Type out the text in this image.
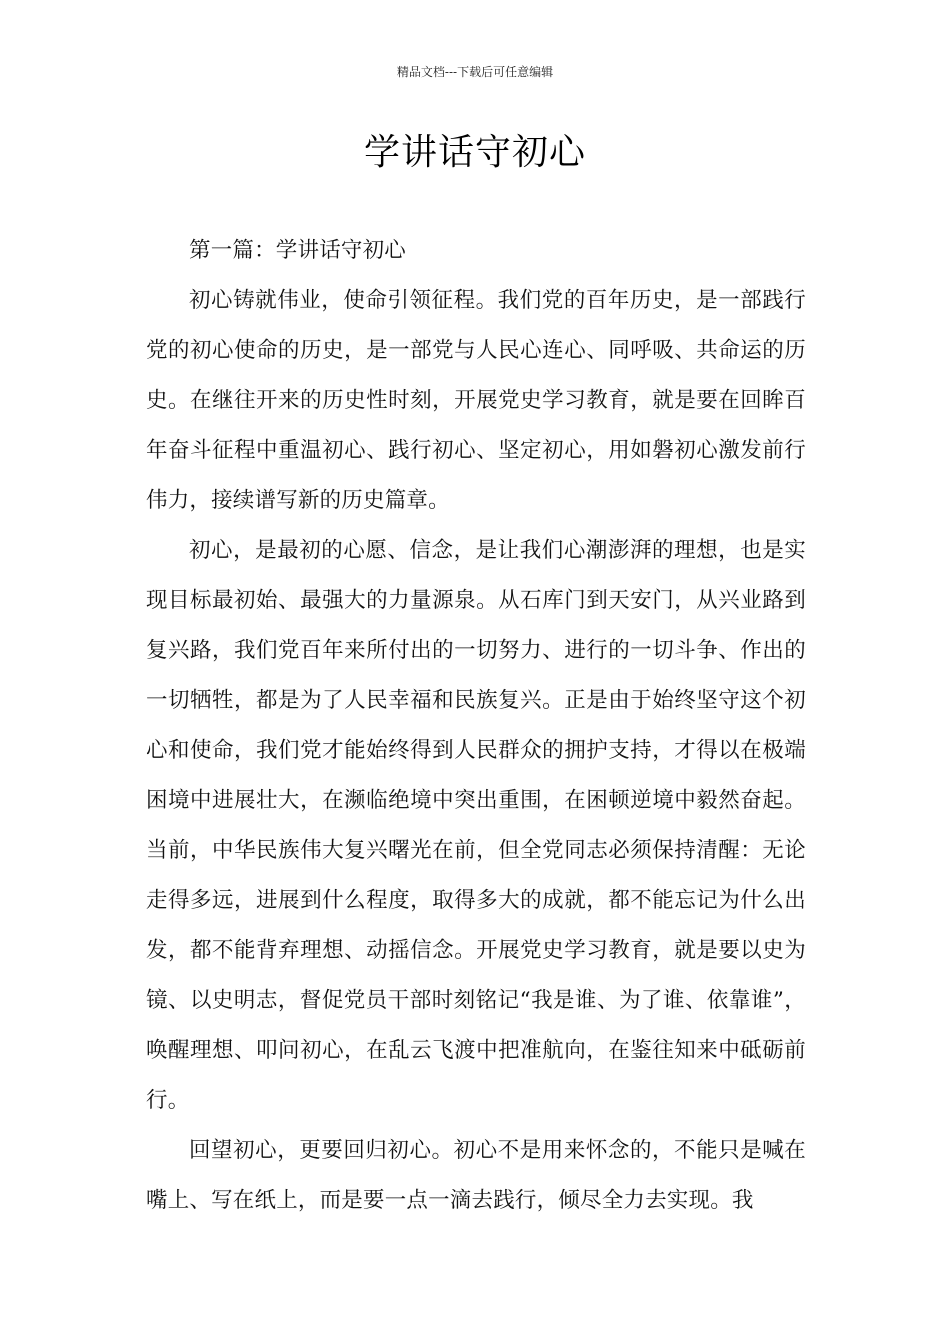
精品文档---下载后可任意编辑
学讲话守初心

第一篇：学讲话守初心

初心铸就伟业，使命引领征程。我们党的百年历史，是一部践行党的初心使命的历史，是一部党与人民心连心、同呼吸、共命运的历史。在继往开来的历史性时刻，开展党史学习教育，就是要在回眸百年奋斗征程中重温初心、践行初心、坚定初心，用如磐初心激发前行伟力，接续谱写新的历史篇章。

初心，是最初的心愿、信念，是让我们心潮澎湃的理想，也是实现目标最初始、最强大的力量源泉。从石库门到天安门，从兴业路到复兴路，我们党百年来所付出的一切努力、进行的一切斗争、作出的一切牺牲，都是为了人民幸福和民族复兴。正是由于始终坚守这个初心和使命，我们党才能始终得到人民群众的拥护支持，才得以在极端困境中进展壮大，在濒临绝境中突出重围，在困顿逆境中毅然奋起。当前，中华民族伟大复兴曙光在前，但全党同志必须保持清醒：无论走得多远，进展到什么程度，取得多大的成就，都不能忘记为什么出发，都不能背弃理想、动摇信念。开展党史学习教育，就是要以史为镜、以史明志，督促党员干部时刻铭记“我是谁、为了谁、依靠谁”，唤醒理想、叩问初心，在乱云飞渡中把准航向，在鉴往知来中砥砺前行。

回望初心，更要回归初心。初心不是用来怀念的，不能只是喊在嘴上、写在纸上，而是要一点一滴去践行，倾尽全力去实现。我
